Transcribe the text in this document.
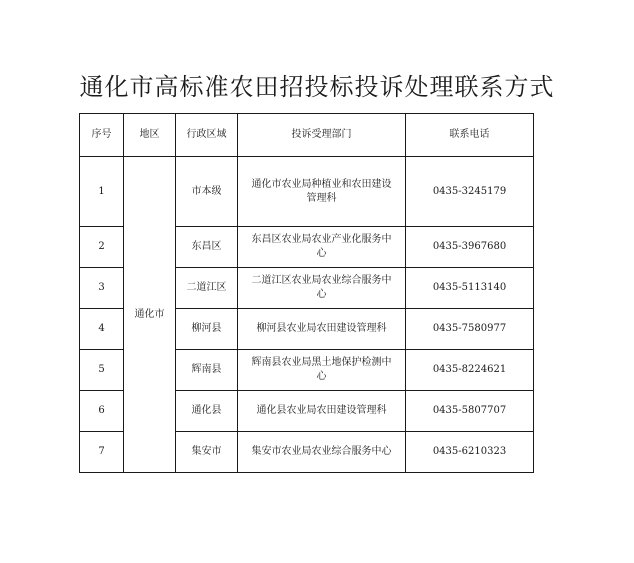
通化市高标准农田招投标投诉处理联系方式
序号	地区	行政区域	投诉受理部门	联系电话
1	通化市	市本级	通化市农业局种植业和农田建设管理科	0435-3245179
2		东昌区	东昌区农业局农业产业化服务中心	0435-3967680
3		二道江区	二道江区农业局农业综合服务中心	0435-5113140
4		柳河县	柳河县农业局农田建设管理科	0435-7580977
5		辉南县	辉南县农业局黑土地保护检测中心	0435-8224621
6		通化县	通化县农业局农田建设管理科	0435-5807707
7		集安市	集安市农业局农业综合服务中心	0435-6210323
